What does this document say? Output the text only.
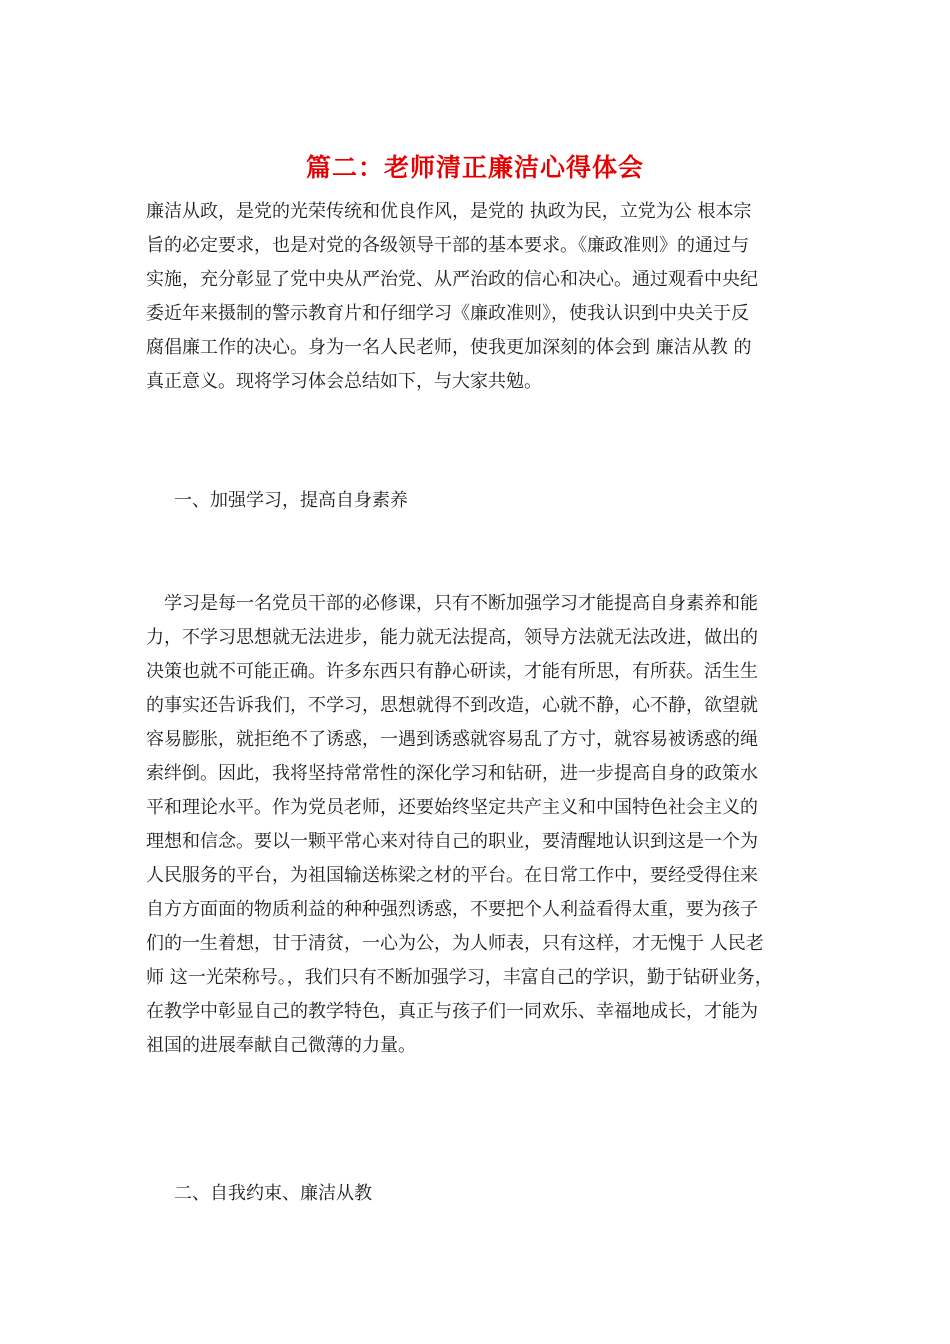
篇二：老师清正廉洁心得体会
廉洁从政，是党的光荣传统和优良作风，是党的 执政为民，立党为公 根本宗
旨的必定要求，也是对党的各级领导干部的基本要求。《廉政准则》的通过与
实施，充分彰显了党中央从严治党、从严治政的信心和决心。通过观看中央纪
委近年来摄制的警示教育片和仔细学习《廉政准则》，使我认识到中央关于反
腐倡廉工作的决心。身为一名人民老师，使我更加深刻的体会到 廉洁从教 的
真正意义。现将学习体会总结如下，与大家共勉。
一、加强学习，提高自身素养
　学习是每一名党员干部的必修课，只有不断加强学习才能提高自身素养和能
力，不学习思想就无法进步，能力就无法提高，领导方法就无法改进，做出的
决策也就不可能正确。许多东西只有静心研读，才能有所思，有所获。活生生
的事实还告诉我们，不学习，思想就得不到改造，心就不静，心不静，欲望就
容易膨胀，就拒绝不了诱惑，一遇到诱惑就容易乱了方寸，就容易被诱惑的绳
索绊倒。因此，我将坚持常常性的深化学习和钻研，进一步提高自身的政策水
平和理论水平。作为党员老师，还要始终坚定共产主义和中国特色社会主义的
理想和信念。要以一颗平常心来对待自己的职业，要清醒地认识到这是一个为
人民服务的平台，为祖国输送栋梁之材的平台。在日常工作中，要经受得住来
自方方面面的物质利益的种种强烈诱惑，不要把个人利益看得太重，要为孩子
们的一生着想，甘于清贫，一心为公，为人师表，只有这样，才无愧于 人民老
师 这一光荣称号。，我们只有不断加强学习，丰富自己的学识，勤于钻研业务，
在教学中彰显自己的教学特色，真正与孩子们一同欢乐、幸福地成长，才能为
祖国的进展奉献自己微薄的力量。
二、自我约束、廉洁从教
